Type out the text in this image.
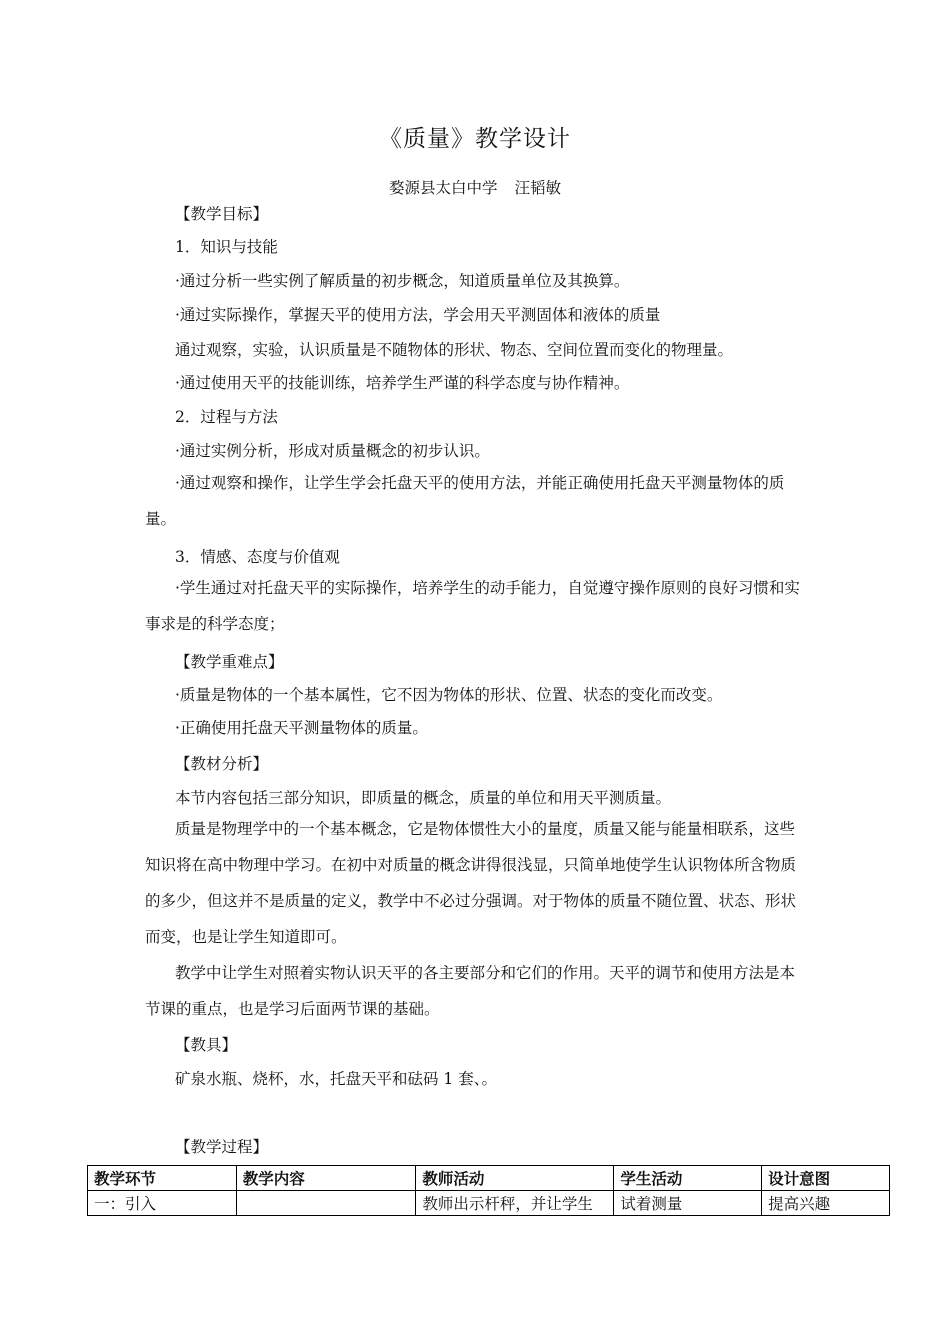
《质量》教学设计
婺源县太白中学 汪韬敏
【教学目标】
1．知识与技能
·通过分析一些实例了解质量的初步概念，知道质量单位及其换算。
·通过实际操作，掌握天平的使用方法，学会用天平测固体和液体的质量
通过观察，实验，认识质量是不随物体的形状、物态、空间位置而变化的物理量。
·通过使用天平的技能训练，培养学生严谨的科学态度与协作精神。
2．过程与方法
·通过实例分析，形成对质量概念的初步认识。
·通过观察和操作，让学生学会托盘天平的使用方法，并能正确使用托盘天平测量物体的质量。
3．情感、态度与价值观
·学生通过对托盘天平的实际操作，培养学生的动手能力，自觉遵守操作原则的良好习惯和实事求是的科学态度；
【教学重难点】
·质量是物体的一个基本属性，它不因为物体的形状、位置、状态的变化而改变。
·正确使用托盘天平测量物体的质量。
【教材分析】
本节内容包括三部分知识，即质量的概念，质量的单位和用天平测质量。
质量是物理学中的一个基本概念，它是物体惯性大小的量度，质量又能与能量相联系，这些知识将在高中物理中学习。在初中对质量的概念讲得很浅显，只简单地使学生认识物体所含物质的多少，但这并不是质量的定义，教学中不必过分强调。对于物体的质量不随位置、状态、形状而变，也是让学生知道即可。
教学中让学生对照着实物认识天平的各主要部分和它们的作用。天平的调节和使用方法是本节课的重点，也是学习后面两节课的基础。
【教具】
矿泉水瓶、烧杯，水，托盘天平和砝码 1 套、。
【教学过程】
教学环节	教学内容	教师活动	学生活动	设计意图
一：引入		教师出示杆秤，并让学生	试着测量	提高兴趣
